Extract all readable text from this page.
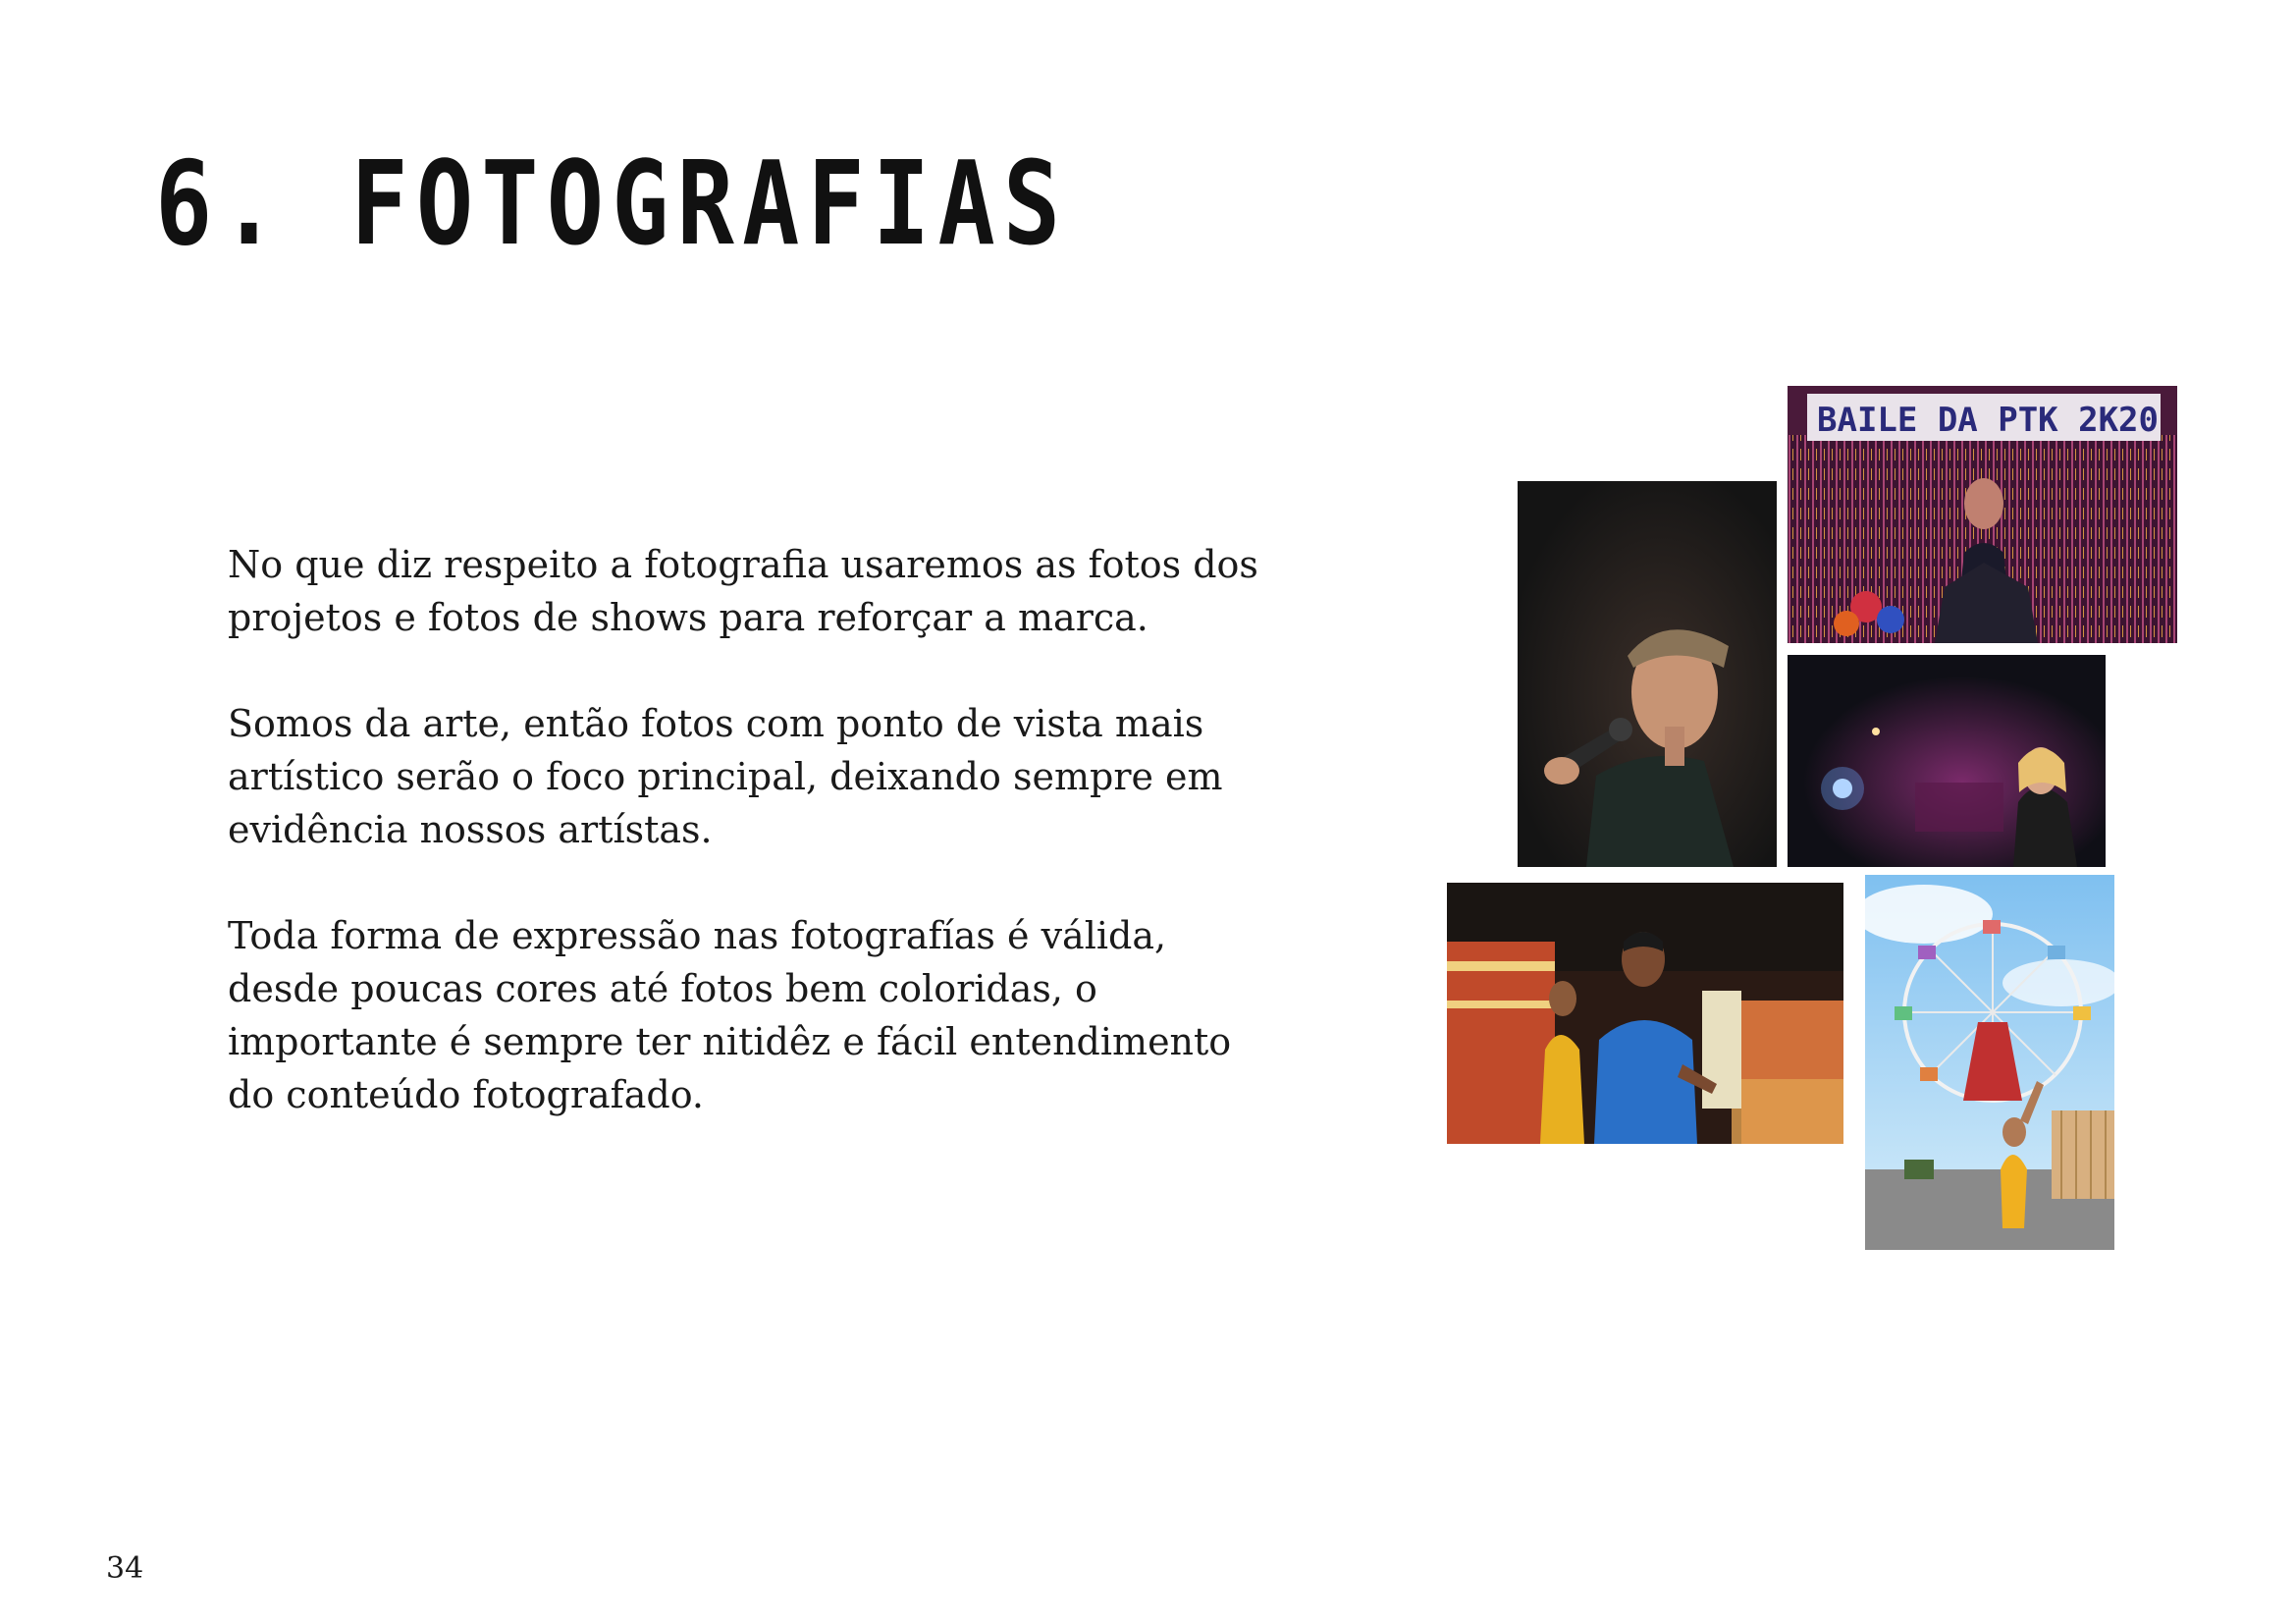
6. FOTOGRAFIAS

No que diz respeito a fotografia usaremos as fotos dos
projetos e fotos de shows para reforçar a marca.

Somos da arte, então fotos com ponto de vista mais
artístico serão o foco principal, deixando sempre em
evidência nossos artístas.

Toda forma de expressão nas fotografías é válida,
desde poucas cores até fotos bem coloridas, o
importante é sempre ter nitidêz e fácil entendimento
do conteúdo fotografado.

BAILE DA PTK 2K20
34
